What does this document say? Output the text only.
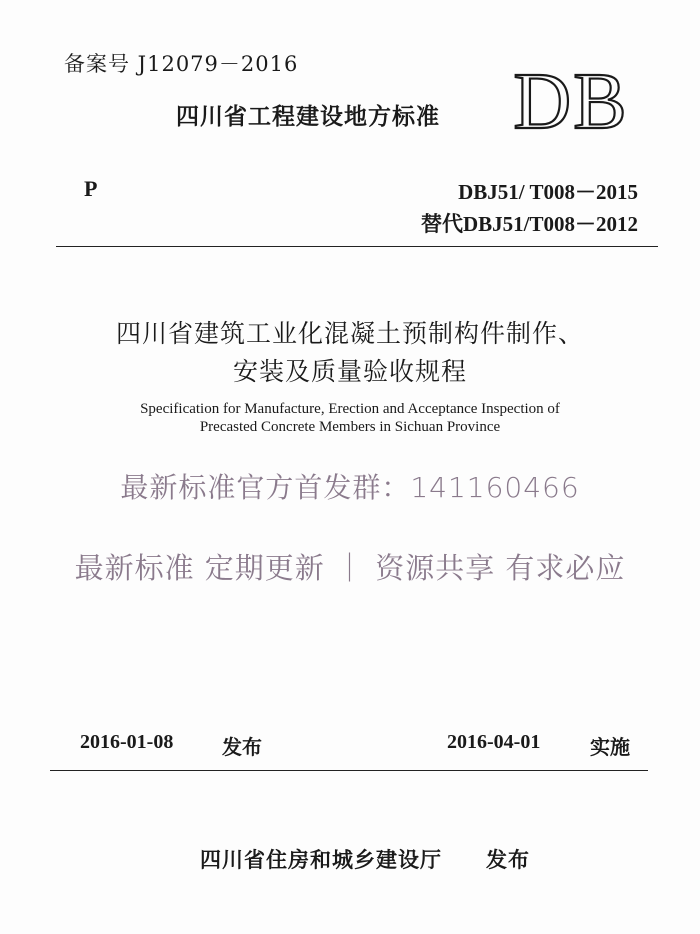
备案号 J12079－2016
四川省工程建设地方标准 DB
P	DBJ51/ T008－2015
替代DBJ51/T008－2012
四川省建筑工业化混凝土预制构件制作、
安装及质量验收规程
Specification for Manufacture, Erection and Acceptance Inspection of
Precasted Concrete Members in Sichuan Province
最新标准官方首发群：141160466
最新标准 定期更新 ｜ 资源共享 有求必应
2016-01-08 发布	2016-04-01 实施
四川省住房和城乡建设厅 发布
